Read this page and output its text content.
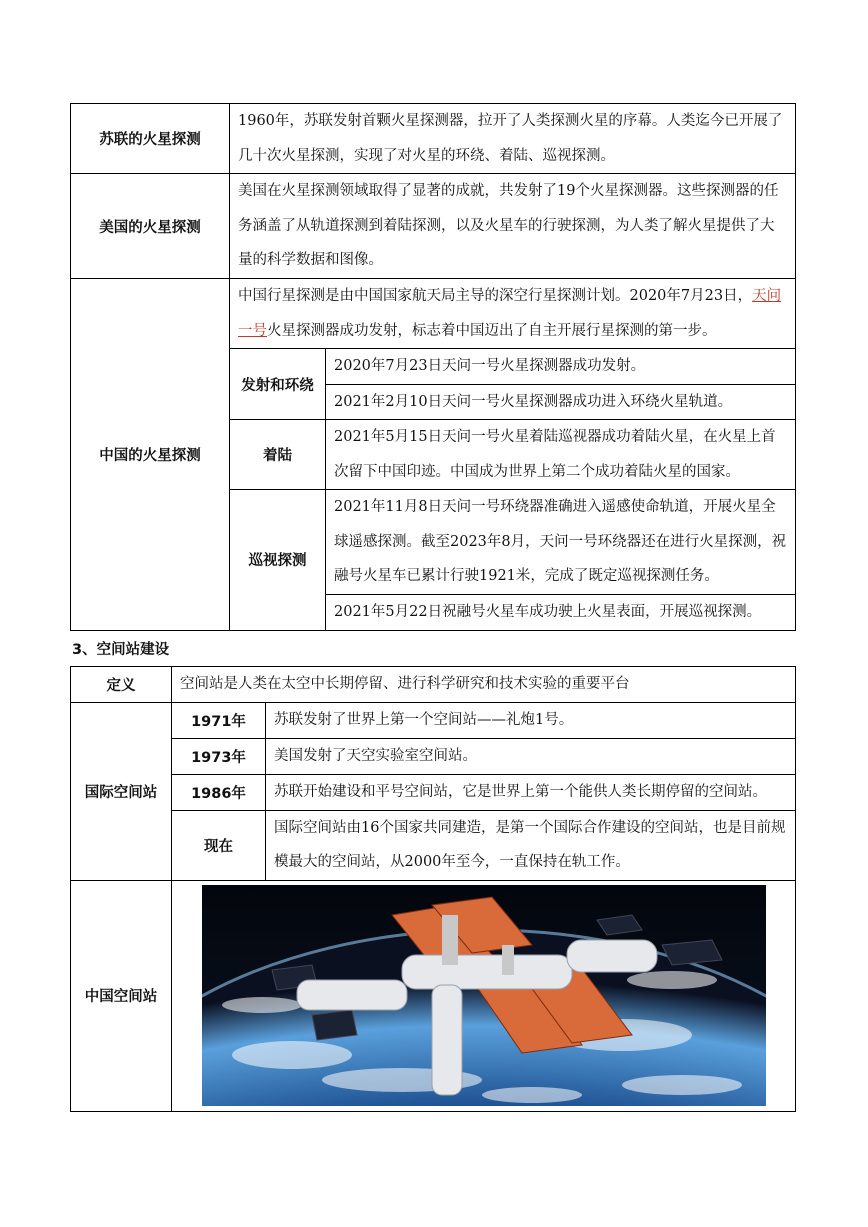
苏联的火星探测	1960年，苏联发射首颗火星探测器，拉开了人类探测火星的序幕。人类迄今已开展了几十次火星探测，实现了对火星的环绕、着陆、巡视探测。	
美国的火星探测	美国在火星探测领域取得了显著的成就，共发射了19个火星探测器。这些探测器的任务涵盖了从轨道探测到着陆探测，以及火星车的行驶探测，为人类了解火星提供了大量的科学数据和图像。	
中国的火星探测	中国行星探测是由中国国家航天局主导的深空行星探测计划。2020年7月23日，天问一号火星探测器成功发射，标志着中国迈出了自主开展行星探测的第一步。	
	发射和环绕	2020年7月23日天问一号火星探测器成功发射。
		2021年2月10日天问一号火星探测器成功进入环绕火星轨道。
	着陆	2021年5月15日天问一号火星着陆巡视器成功着陆火星，在火星上首次留下中国印迹。中国成为世界上第二个成功着陆火星的国家。
	巡视探测	2021年11月8日天问一号环绕器准确进入遥感使命轨道，开展火星全球遥感探测。截至2023年8月，天问一号环绕器还在进行火星探测，祝融号火星车已累计行驶1921米，完成了既定巡视探测任务。
		2021年5月22日祝融号火星车成功驶上火星表面，开展巡视探测。
3、空间站建设
定义	空间站是人类在太空中长期停留、进行科学研究和技术实验的重要平台	
国际空间站	1971年	苏联发射了世界上第一个空间站——礼炮1号。
	1973年	美国发射了天空实验室空间站。
	1986年	苏联开始建设和平号空间站，它是世界上第一个能供人类长期停留的空间站。
	现在	国际空间站由16个国家共同建造，是第一个国际合作建设的空间站，也是目前规模最大的空间站，从2000年至今，一直保持在轨工作。
中国空间站	
